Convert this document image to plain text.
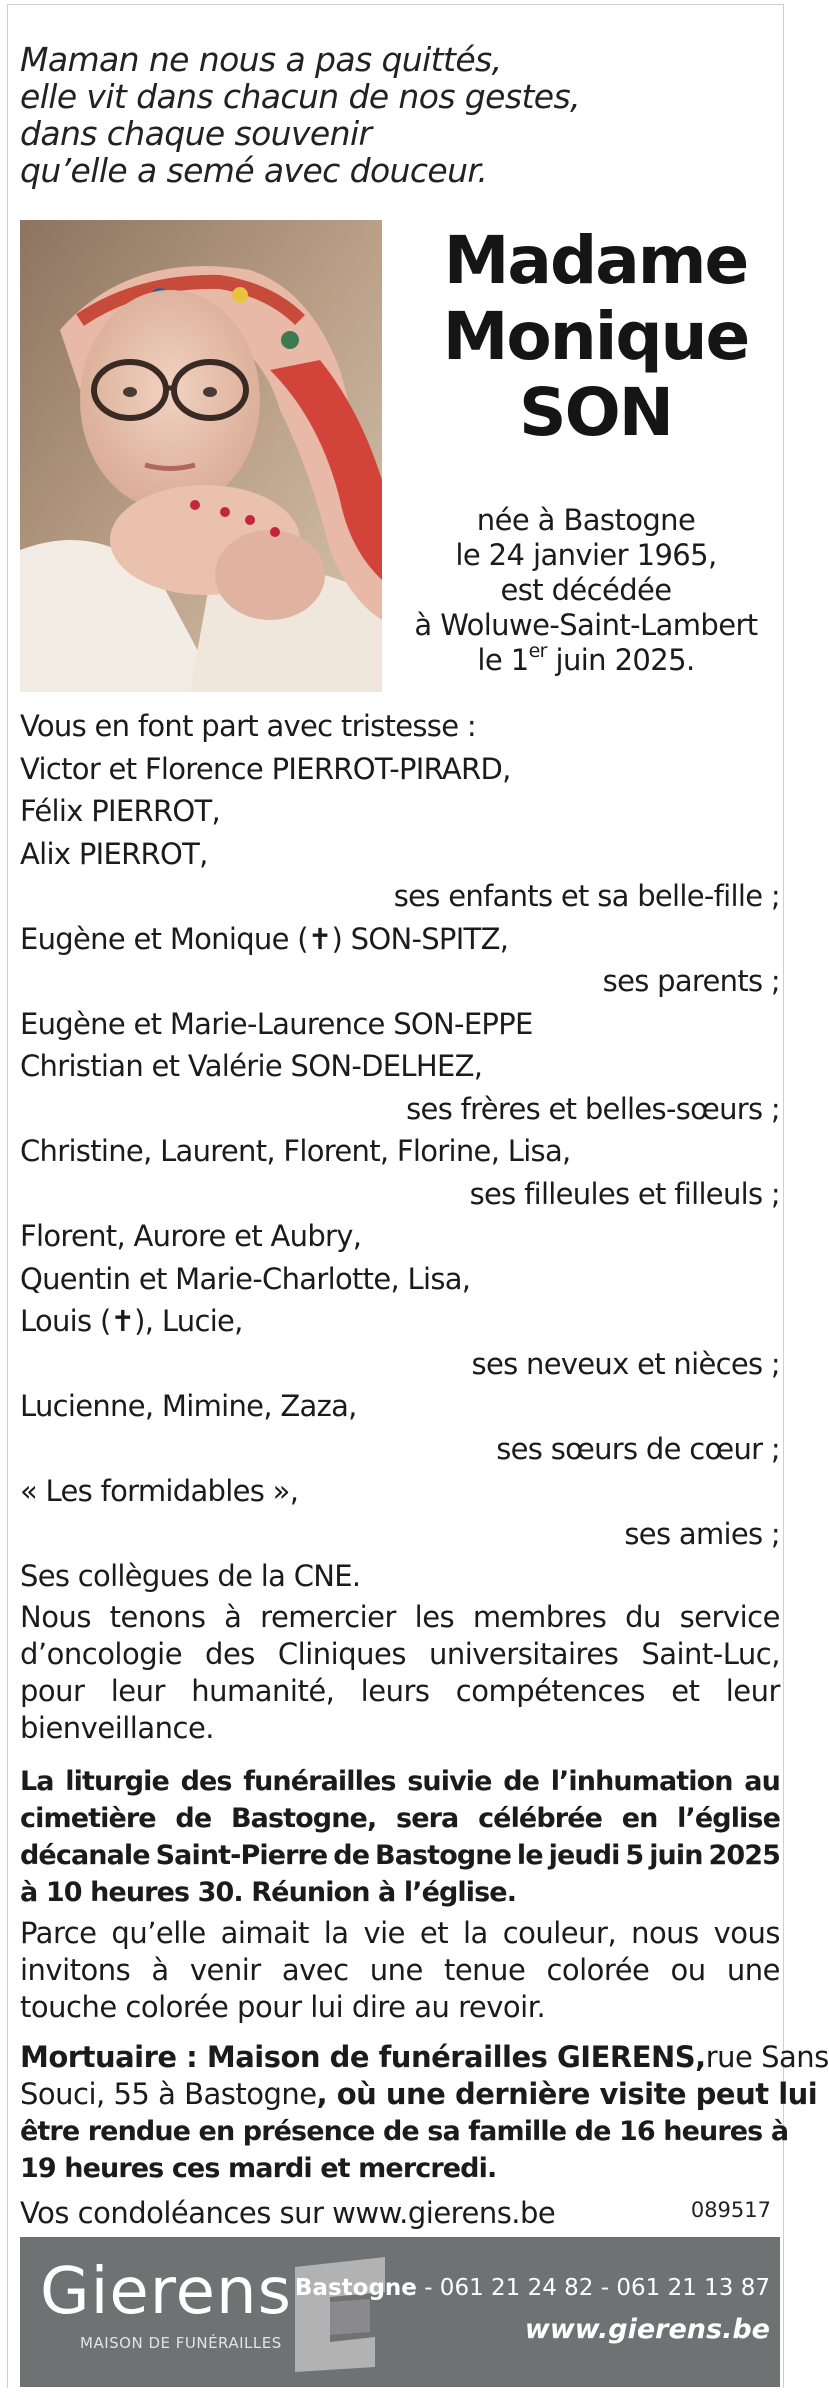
Maman ne nous a pas quittés,
elle vit dans chacun de nos gestes,
dans chaque souvenir
qu’elle a semé avec douceur.
Madame
Monique
SON
née à Bastogne
le 24 janvier 1965,
est décédée
à Woluwe-Saint-Lambert
le 1er juin 2025.
Vous en font part avec tristesse :
Victor et Florence PIERROT-PIRARD,
Félix PIERROT,
Alix PIERROT,
ses enfants et sa belle-fille ;
Eugène et Monique (✝) SON-SPITZ,
ses parents ;
Eugène et Marie-Laurence SON-EPPE
Christian et Valérie SON-DELHEZ,
ses frères et belles-sœurs ;
Christine, Laurent, Florent, Florine, Lisa,
ses filleules et filleuls ;
Florent, Aurore et Aubry,
Quentin et Marie-Charlotte, Lisa,
Louis (✝), Lucie,
ses neveux et nièces ;
Lucienne, Mimine, Zaza,
ses sœurs de cœur ;
« Les formidables »,
ses amies ;
Ses collègues de la CNE.
Nous tenons à remercier les membres du service
d’oncologie des Cliniques universitaires Saint-Luc,
pour leur humanité, leurs compétences et leur
bienveillance.
La liturgie des funérailles suivie de l’inhumation au
cimetière de Bastogne, sera célébrée en l’église
décanale Saint-Pierre de Bastogne le jeudi 5 juin 2025
à 10 heures 30. Réunion à l’église.
Parce qu’elle aimait la vie et la couleur, nous vous
invitons à venir avec une tenue colorée ou une
touche colorée pour lui dire au revoir.
Mortuaire : Maison de funérailles GIERENS,rue Sans
Souci, 55 à Bastogne, où une dernière visite peut lui
être rendue en présence de sa famille de 16 heures à
19 heures ces mardi et mercredi.
Vos condoléances sur www.gierens.be	089517
Gierens
MAISON DE FUNÉRAILLES
Bastogne - 061 21 24 82 - 061 21 13 87
www.gierens.be
